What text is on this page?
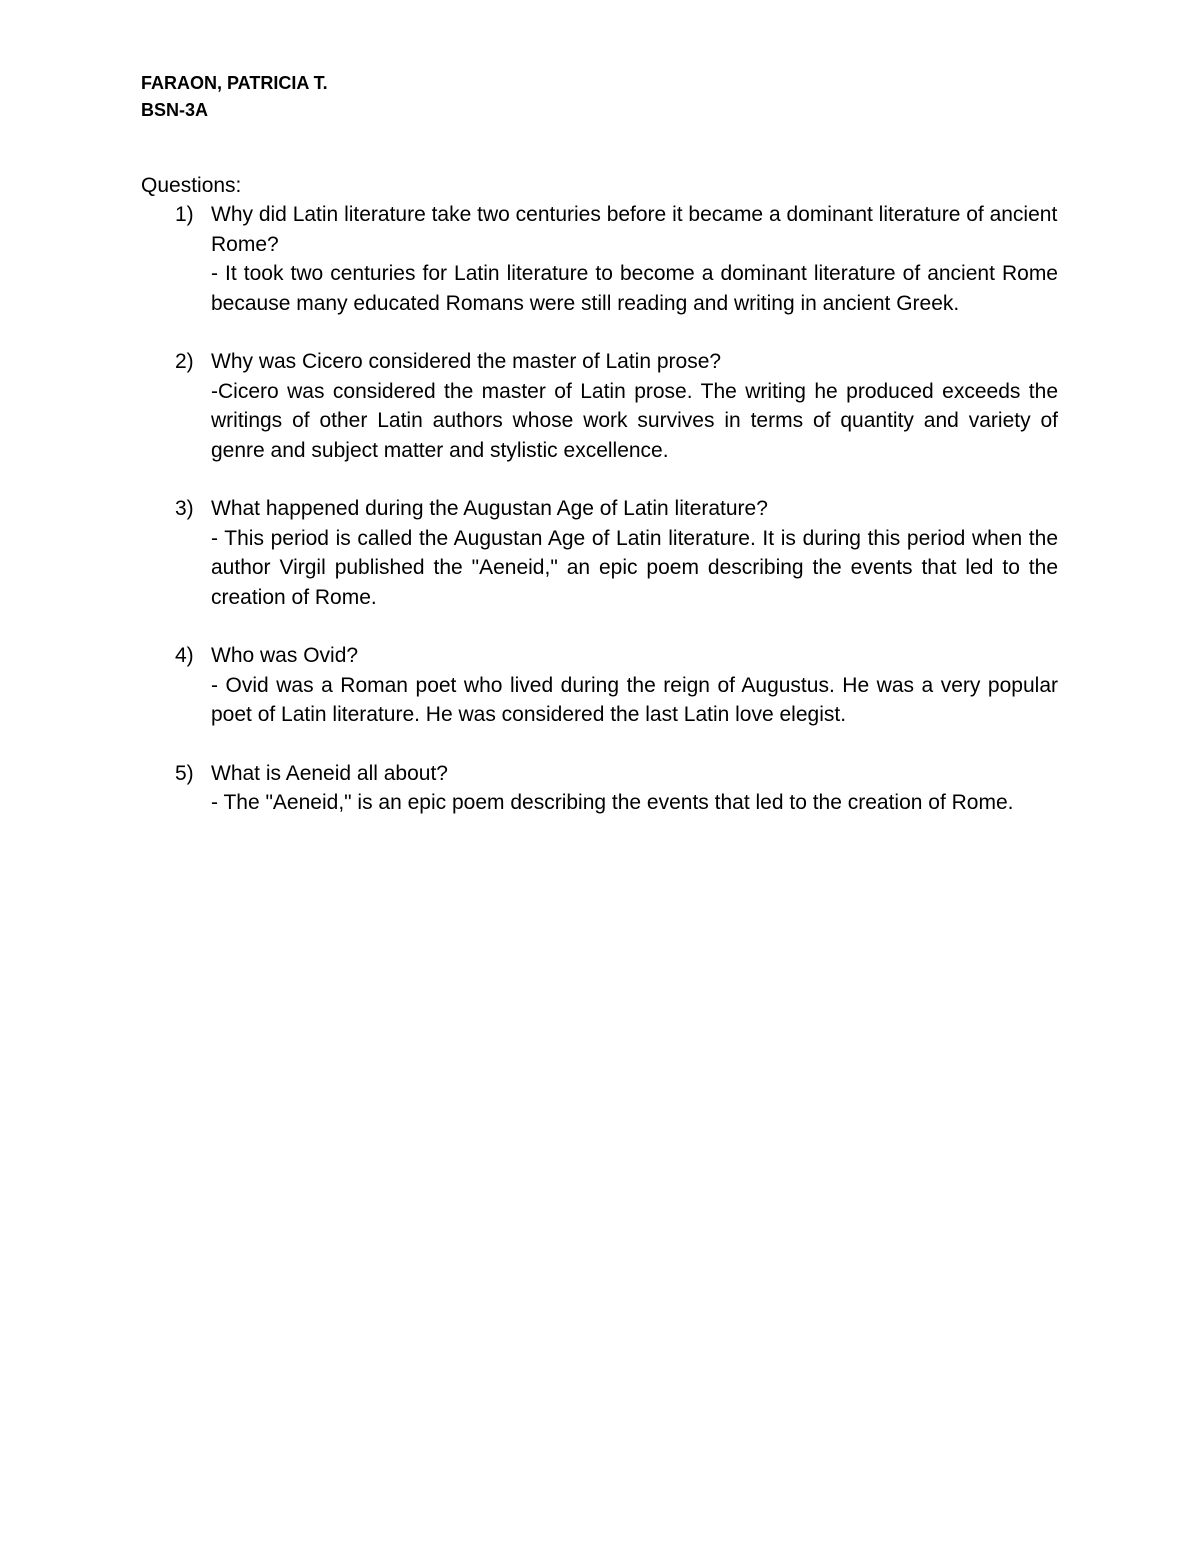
FARAON, PATRICIA T.
BSN-3A
Questions:
1) Why did Latin literature take two centuries before it became a dominant literature of ancient Rome?

- It took two centuries for Latin literature to become a dominant literature of ancient Rome because many educated Romans were still reading and writing in ancient Greek.

2) Why was Cicero considered the master of Latin prose?

-Cicero was considered the master of Latin prose. The writing he produced exceeds the writings of other Latin authors whose work survives in terms of quantity and variety of genre and subject matter and stylistic excellence.

3) What happened during the Augustan Age of Latin literature?

- This period is called the Augustan Age of Latin literature. It is during this period when the author Virgil published the "Aeneid," an epic poem describing the events that led to the creation of Rome.

4) Who was Ovid?

- Ovid was a Roman poet who lived during the reign of Augustus. He was a very popular poet of Latin literature. He was considered the last Latin love elegist.

5) What is Aeneid all about?

- The "Aeneid," is an epic poem describing the events that led to the creation of Rome.
